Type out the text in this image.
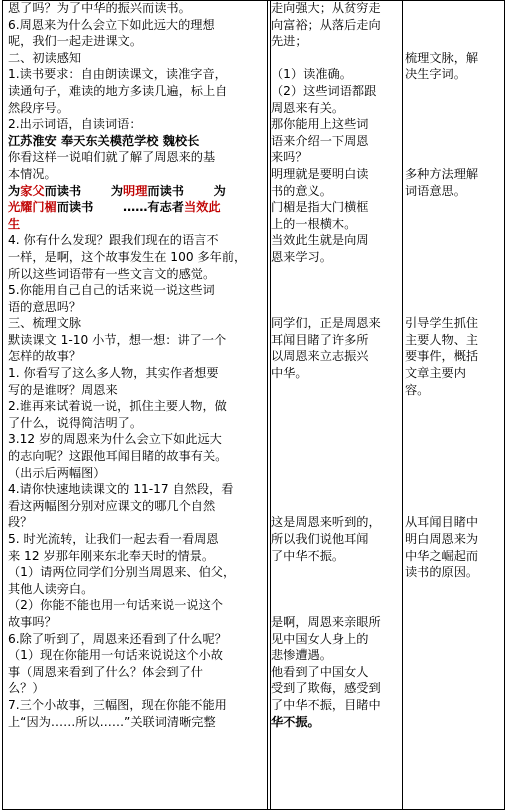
恩了吗？为了中华的振兴而读书。
6.周恩来为什么会立下如此远大的理想
呢，我们一起走进课文。
二、初读感知
1.读书要求：自由朗读课文，读准字音，
读通句子，难读的地方多读几遍，标上自
然段序号。
2.出示词语，自读词语：
江苏淮安 奉天东关模范学校 魏校长
你看这样一说咱们就了解了周恩来的基
本情况。
为家父而读书 为明理而读书 为
光耀门楣而读书 ……有志者当效此
生
4. 你有什么发现？跟我们现在的语言不
一样，是啊，这个故事发生在 100 多年前，
所以这些词语带有一些文言文的感觉。
5.你能用自己自己的话来说一说这些词
语的意思吗？
三、梳理文脉
默读课文 1-10 小节，想一想：讲了一个
怎样的故事？
1. 你看写了这么多人物，其实作者想要
写的是谁呀？周恩来
2.谁再来试着说一说，抓住主要人物，做
了什么，说得简洁明了。
3.12 岁的周恩来为什么会立下如此远大
的志向呢？这跟他耳闻目睹的故事有关。
（出示后两幅图）
4.请你快速地读课文的 11-17 自然段，看
看这两幅图分别对应课文的哪几个自然
段？
5. 时光流转，让我们一起去看一看周恩
来 12 岁那年刚来东北奉天时的情景。
（1）请两位同学们分别当周恩来、伯父，
其他人读旁白。
（2）你能不能也用一句话来说一说这个
故事吗？
6.除了听到了，周恩来还看到了什么呢？
（1）现在你能用一句话来说说这个小故
事（周恩来看到了什么？体会到了什
么？）
7.三个小故事，三幅图，现在你能不能用
上“因为……所以……”关联词清晰完整
走向强大；从贫穷走
向富裕；从落后走向
先进；
（1）读准确。
（2）这些词语都跟
周恩来有关。
那你能用上这些词
语来介绍一下周恩
来吗？
明理就是要明白读
书的意义。
门楣是指大门横框
上的一根横木。
当效此生就是向周
恩来学习。
同学们，正是周恩来
耳闻目睹了许多所
以周恩来立志振兴
中华。
这是周恩来听到的，
所以我们说他耳闻
了中华不振。
是啊，周恩来亲眼所
见中国女人身上的
悲惨遭遇。
他看到了中国女人
受到了欺侮，感受到
了中华不振，目睹中
华不振。
梳理文脉，解
决生字词。
多种方法理解
词语意思。
引导学生抓住
主要人物、主
要事件，概括
文章主要内
容。
从耳闻目睹中
明白周恩来为
中华之崛起而
读书的原因。
